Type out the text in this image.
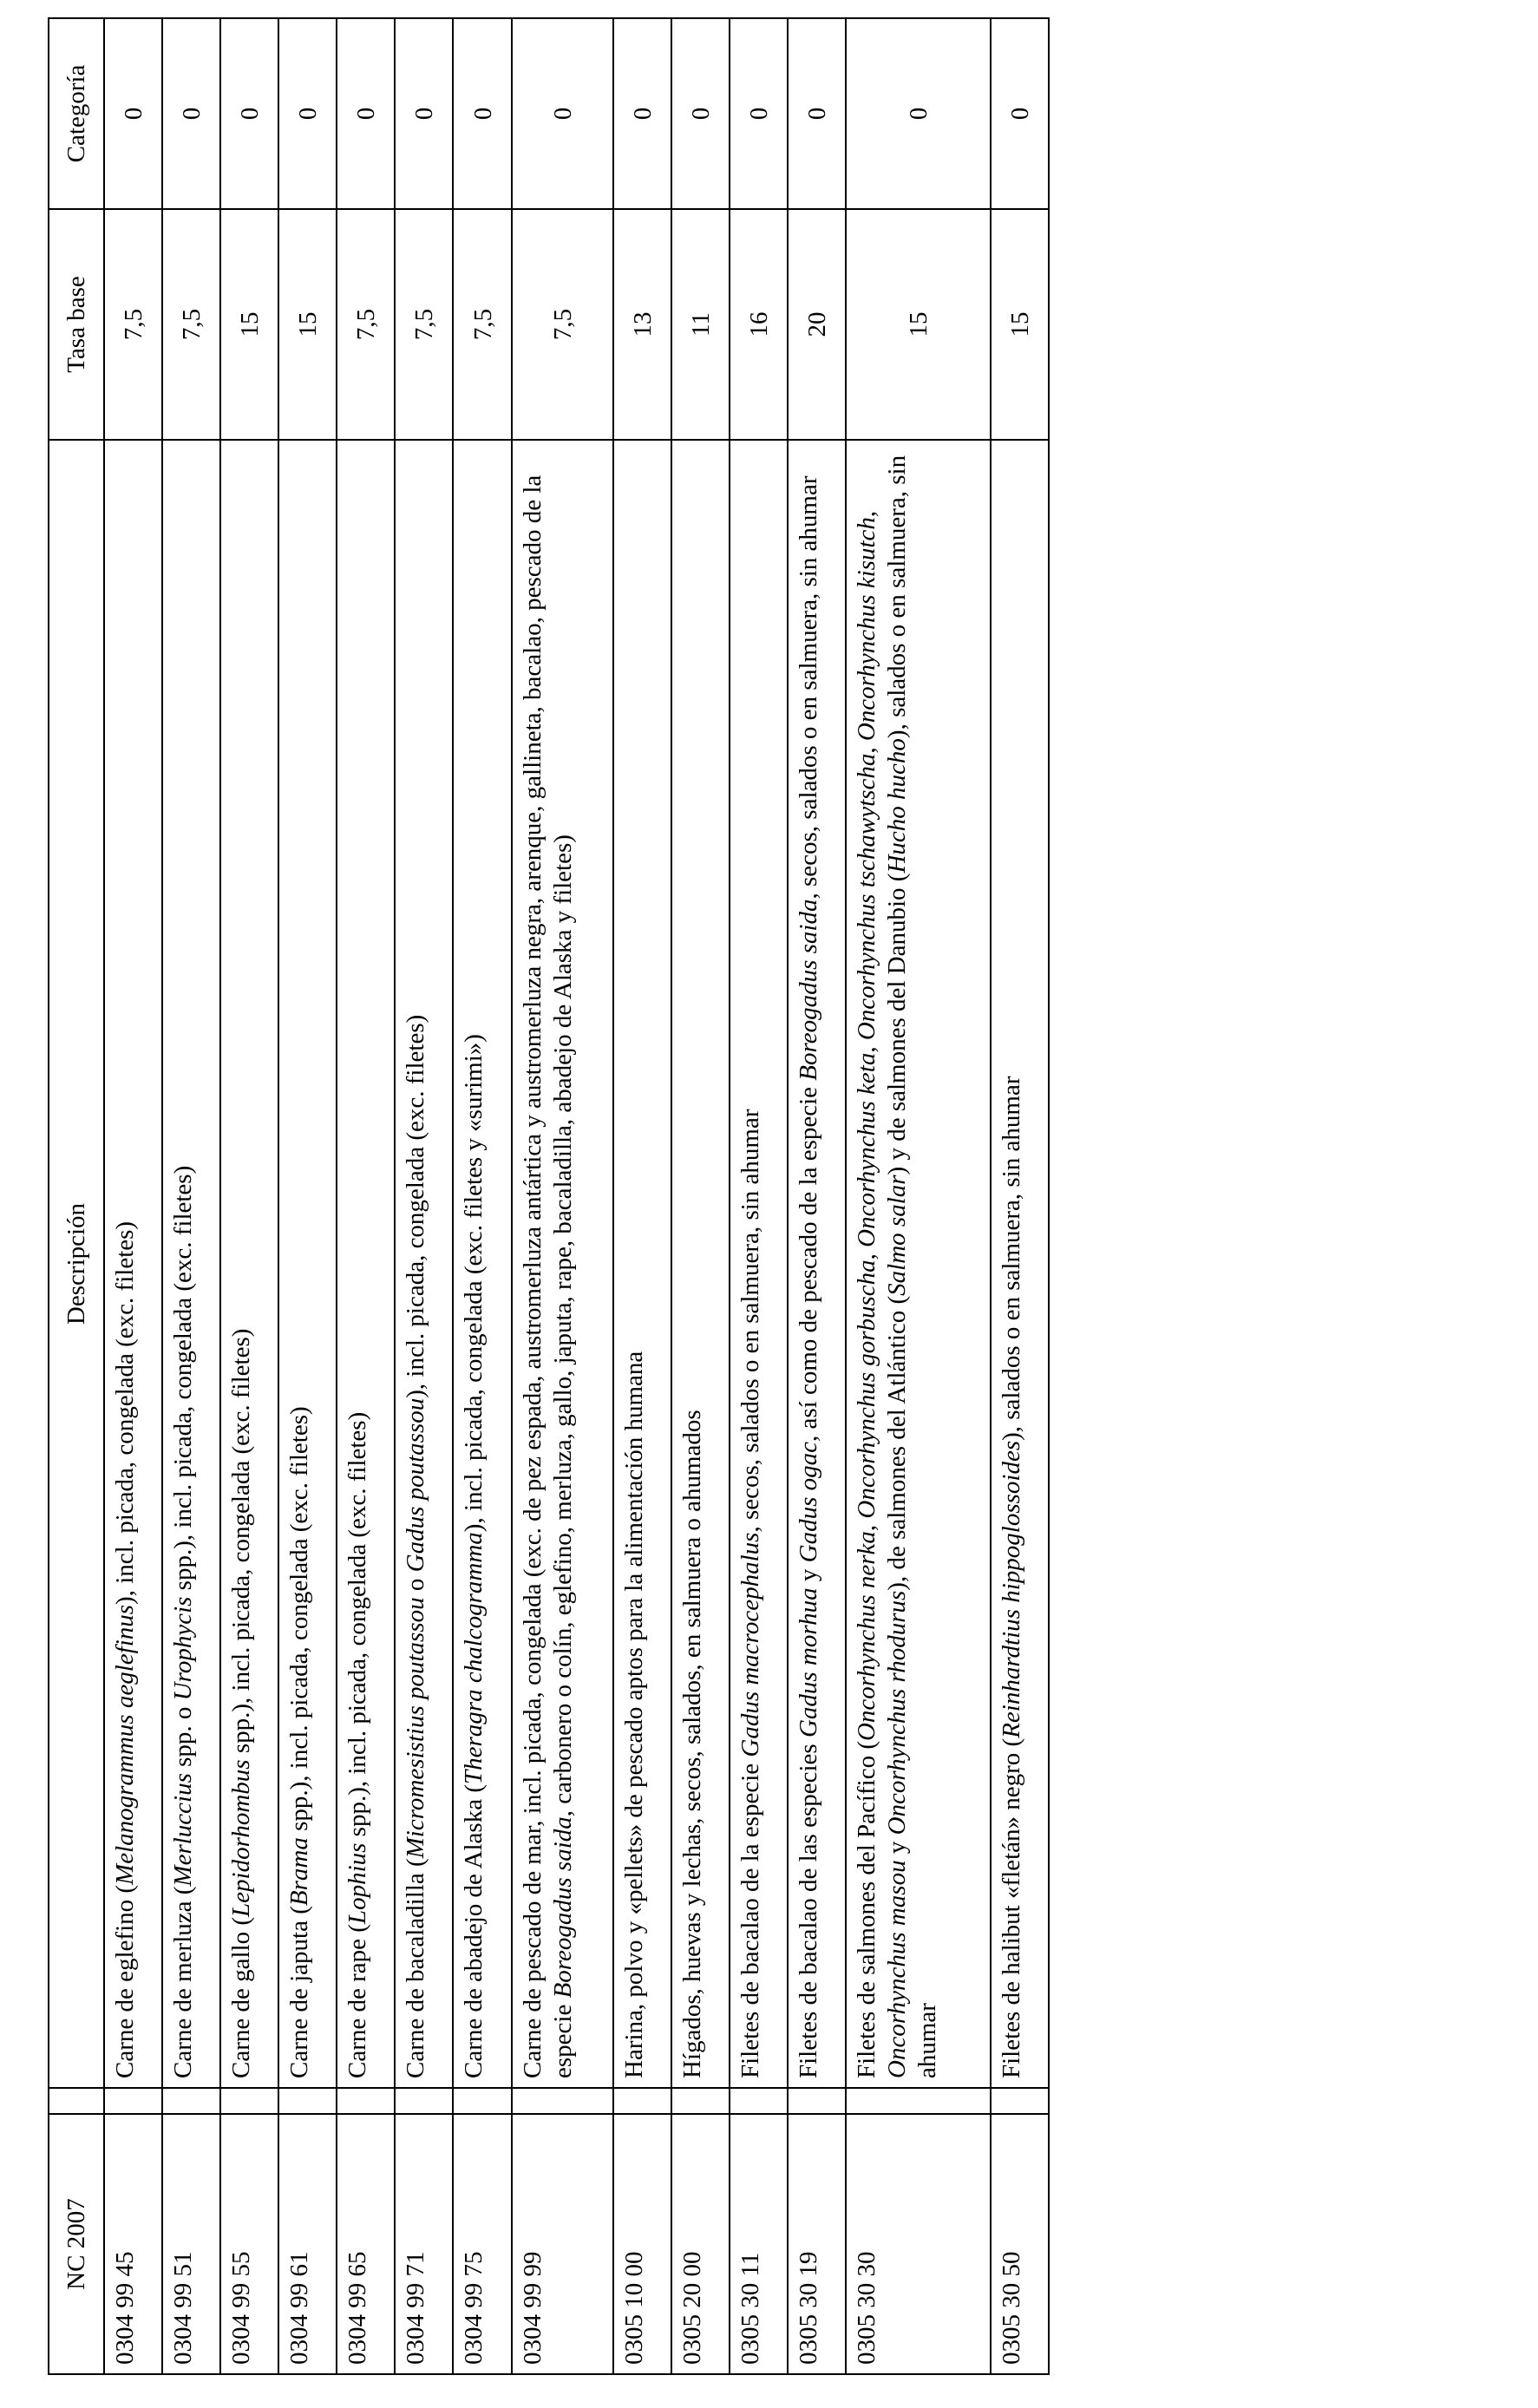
NC 2007		Descripción	Tasa base	Categoría
0304 99 45		Carne de eglefino (Melanogrammus aeglefinus), incl. picada, congelada (exc. filetes)	7,5	0
0304 99 51		Carne de merluza (Merluccius spp. o Urophycis spp.), incl. picada, congelada (exc. filetes)	7,5	0
0304 99 55		Carne de gallo (Lepidorhombus spp.), incl. picada, congelada (exc. filetes)	15	0
0304 99 61		Carne de japuta (Brama spp.), incl. picada, congelada (exc. filetes)	15	0
0304 99 65		Carne de rape (Lophius spp.), incl. picada, congelada (exc. filetes)	7,5	0
0304 99 71		Carne de bacaladilla (Micromesistius poutassou o Gadus poutassou), incl. picada, congelada (exc. filetes)	7,5	0
0304 99 75		Carne de abadejo de Alaska (Theragra chalcogramma), incl. picada, congelada (exc. filetes y «surimi»)	7,5	0
0304 99 99		Carne de pescado de mar, incl. picada, congelada (exc. de pez espada, austromerluza antártica y austromerluza negra, arenque, gallineta, bacalao, pescado de la especie Boreogadus saida, carbonero o colín, eglefino, merluza, gallo, japuta, rape, bacaladilla, abadejo de Alaska y filetes)	7,5	0
0305 10 00		Harina, polvo y «pellets» de pescado aptos para la alimentación humana	13	0
0305 20 00		Hígados, huevas y lechas, secos, salados, en salmuera o ahumados	11	0
0305 30 11		Filetes de bacalao de la especie Gadus macrocephalus, secos, salados o en salmuera, sin ahumar	16	0
0305 30 19		Filetes de bacalao de las especies Gadus morhua y Gadus ogac, así como de pescado de la especie Boreogadus saida, secos, salados o en salmuera, sin ahumar	20	0
0305 30 30		Filetes de salmones del Pacífico (Oncorhynchus nerka, Oncorhynchus gorbuscha, Oncorhynchus keta, Oncorhynchus tschawytscha, Oncorhynchus kisutch, Oncorhynchus masou y Oncorhynchus rhodurus), de salmones del Atlántico (Salmo salar) y de salmones del Danubio (Hucho hucho), salados o en salmuera, sin ahumar	15	0
0305 30 50		Filetes de halibut «fletán» negro (Reinhardtius hippoglossoides), salados o en salmuera, sin ahumar	15	0
